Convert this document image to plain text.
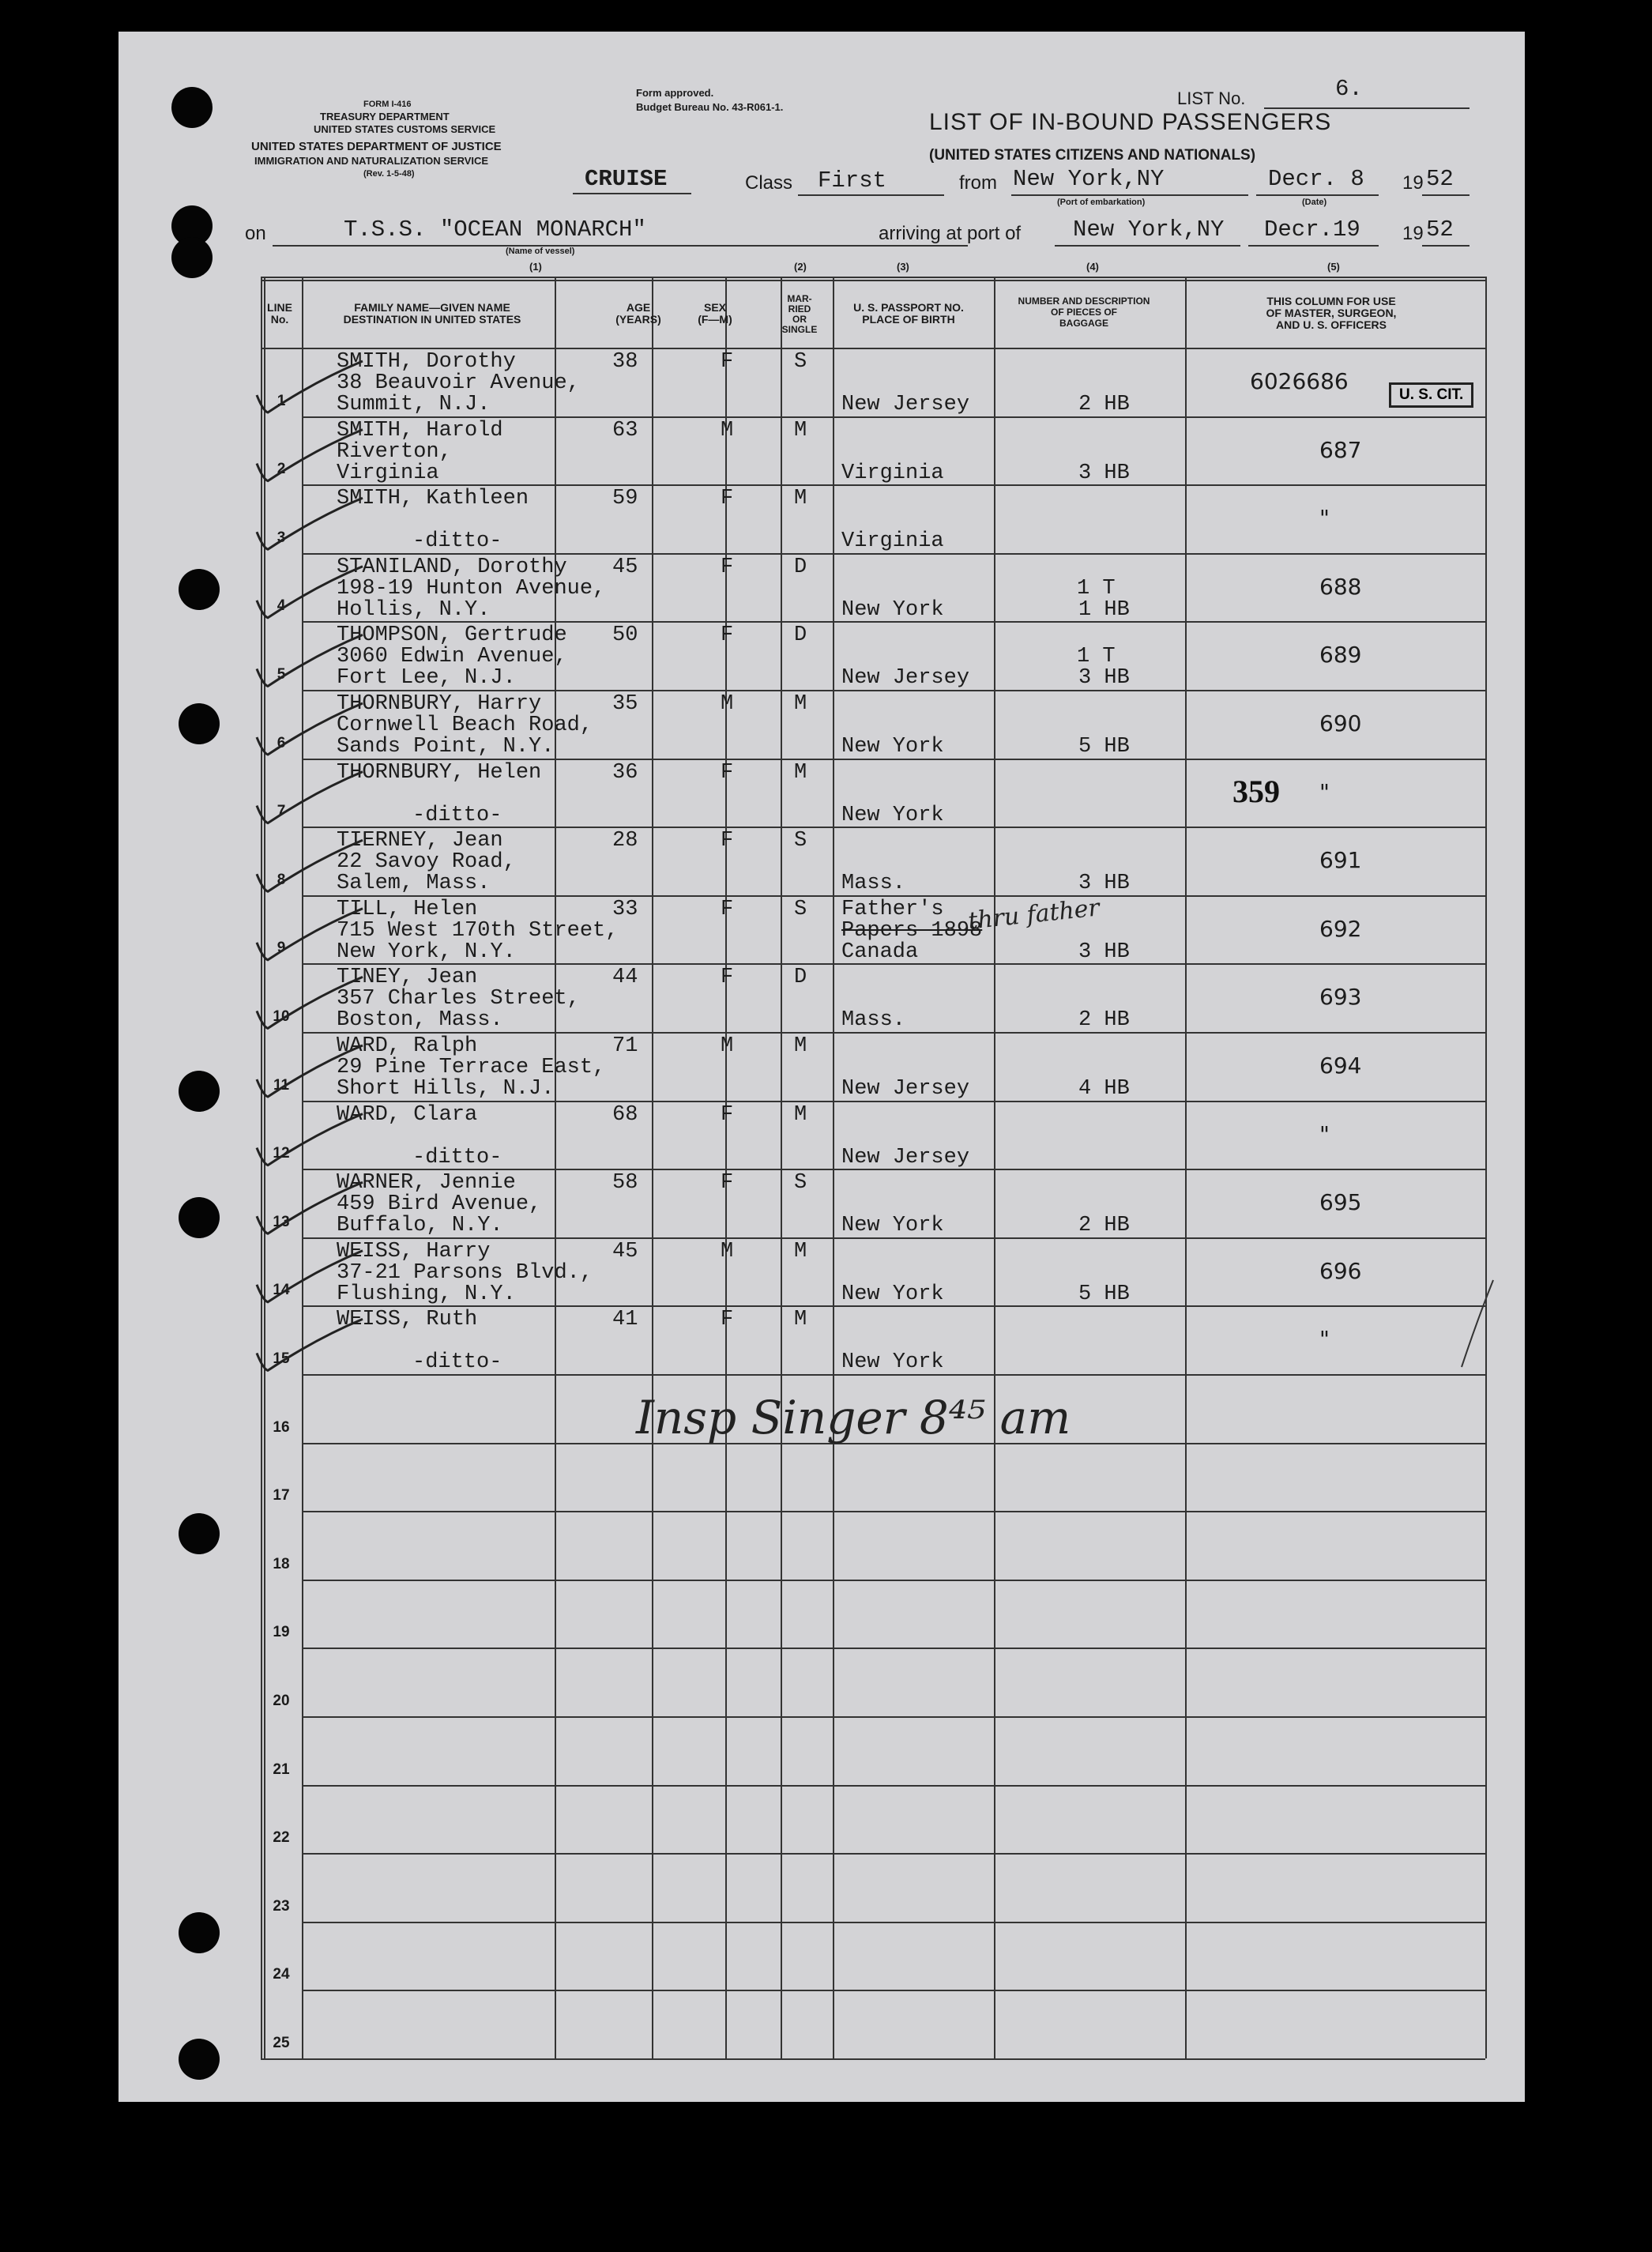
FORM I-416
TREASURY DEPARTMENT
UNITED STATES CUSTOMS SERVICE
UNITED STATES DEPARTMENT OF JUSTICE
IMMIGRATION AND NATURALIZATION SERVICE
(Rev. 1-5-48)
Form approved.
Budget Bureau No. 43-R061-1.	LIST No.	6.
LIST OF IN-BOUND PASSENGERS
(UNITED STATES CITIZENS AND NATIONALS)
CRUISE	Class First	from New York,NY
(Port of embarkation)
Decr. 8
(Date)
19 52
on	T.S.S. "OCEAN MONARCH"
(Name of vessel)
arriving at port of New York,NY Decr.19 19 52
(1)	(2)	(3)	(4)	(5)
LINE
No.
FAMILY NAME—GIVEN NAME
DESTINATION IN UNITED STATES
AGE
(YEARS)
SEX
(F—M)
MAR-
RIED
OR
SINGLE
U. S. PASSPORT NO.
PLACE OF BIRTH
NUMBER AND DESCRIPTION
OF PIECES OF
BAGGAGE
THIS COLUMN FOR USE
OF MASTER, SURGEON,
AND U. S. OFFICERS
1
SMITH, Dorothy
38 Beauvoir Avenue,
Summit, N.J.
38	F	S
New Jersey	2 HB
6026686
2
SMITH, Harold
Riverton,
Virginia
63	M	M
Virginia	3 HB
687
3
SMITH, Kathleen
-ditto-
59	F	M
Virginia
"
4
STANILAND, Dorothy
198-19 Hunton Avenue,
Hollis, N.Y.
45	F	D
New York
1 T
1 HB
688
5
THOMPSON, Gertrude
3060 Edwin Avenue,
Fort Lee, N.J.
50	F	D
New Jersey
1 T
3 HB
689
6
THORNBURY, Harry
Cornwell Beach Road,
Sands Point, N.Y.
35	M	M
New York	5 HB
690
7
THORNBURY, Helen
-ditto-
36	F	M
New York
"
8
TIERNEY, Jean
22 Savoy Road,
Salem, Mass.
28	F	S
Mass.	3 HB
691
9
TILL, Helen
715 West 170th Street,
New York, N.Y.
33	F	S Father's
Papers 1898
Canada	3 HB
692
10
TINEY, Jean
357 Charles Street,
Boston, Mass.
44	F	D
Mass.	2 HB
693
11
WARD, Ralph
29 Pine Terrace East,
Short Hills, N.J.
71	M	M
New Jersey	4 HB
694
12
WARD, Clara
-ditto-
68	F	M
New Jersey
"
13
WARNER, Jennie
459 Bird Avenue,
Buffalo, N.Y.
58	F	S
New York	2 HB
695
14
WEISS, Harry
37-21 Parsons Blvd.,
Flushing, N.Y.
45	M	M
New York	5 HB
696
15
WEISS, Ruth
-ditto-
41	F	M
New York
"
16
17
18
19
20
21
22
23
24
25
U. S. CIT.
359
thru father
Insp Singer 8⁴⁵ am
